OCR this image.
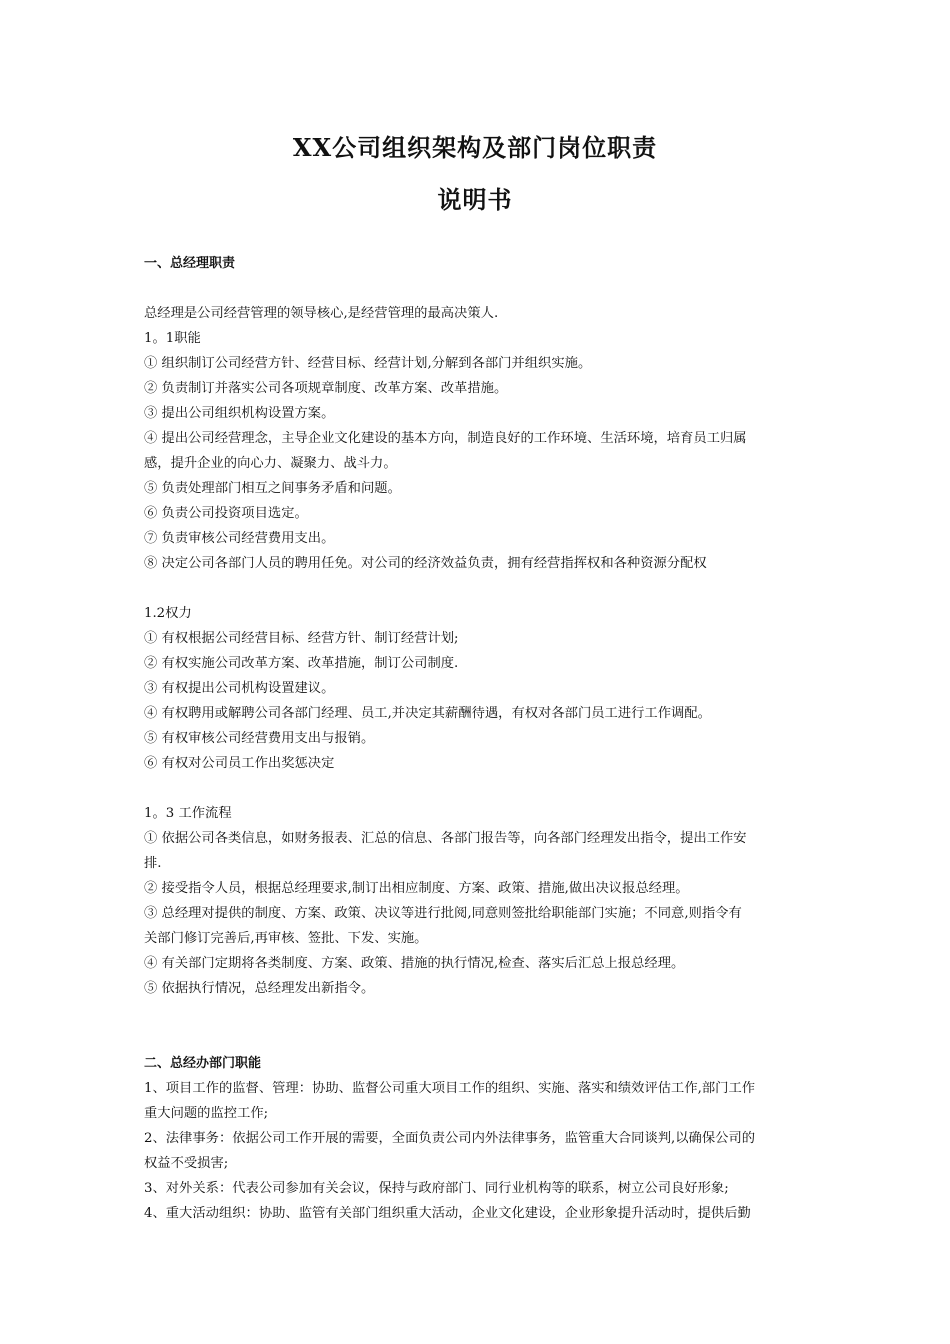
XX公司组织架构及部门岗位职责
说明书

一、总经理职责

总经理是公司经营管理的领导核心,是经营管理的最高决策人.

1。1职能

① 组织制订公司经营方针、经营目标、经营计划,分解到各部门并组织实施。

② 负责制订并落实公司各项规章制度、改革方案、改革措施。

③ 提出公司组织机构设置方案。

④ 提出公司经营理念，主导企业文化建设的基本方向，制造良好的工作环境、生活环境，培育员工归属

感，提升企业的向心力、凝聚力、战斗力。

⑤ 负责处理部门相互之间事务矛盾和问题。

⑥ 负责公司投资项目选定。

⑦ 负责审核公司经营费用支出。

⑧ 决定公司各部门人员的聘用任免。对公司的经济效益负责，拥有经营指挥权和各种资源分配权

1.2权力

① 有权根据公司经营目标、经营方针、制订经营计划;

② 有权实施公司改革方案、改革措施，制订公司制度.

③ 有权提出公司机构设置建议。

④ 有权聘用或解聘公司各部门经理、员工,并决定其薪酬待遇，有权对各部门员工进行工作调配。

⑤ 有权审核公司经营费用支出与报销。

⑥ 有权对公司员工作出奖惩决定

1。3 工作流程

① 依据公司各类信息，如财务报表、汇总的信息、各部门报告等，向各部门经理发出指令，提出工作安

排.

② 接受指令人员，根据总经理要求,制订出相应制度、方案、政策、措施,做出决议报总经理。

③ 总经理对提供的制度、方案、政策、决议等进行批阅,同意则签批给职能部门实施；不同意,则指令有

关部门修订完善后,再审核、签批、下发、实施。

④ 有关部门定期将各类制度、方案、政策、措施的执行情况,检查、落实后汇总上报总经理。

⑤ 依据执行情况，总经理发出新指令。

二、总经办部门职能

1、项目工作的监督、管理：协助、监督公司重大项目工作的组织、实施、落实和绩效评估工作,部门工作

重大问题的监控工作;

2、法律事务：依据公司工作开展的需要，全面负责公司内外法律事务，监管重大合同谈判,以确保公司的

权益不受损害;

3、对外关系：代表公司参加有关会议，保持与政府部门、同行业机构等的联系，树立公司良好形象;

4、重大活动组织：协助、监管有关部门组织重大活动，企业文化建设，企业形象提升活动时，提供后勤
